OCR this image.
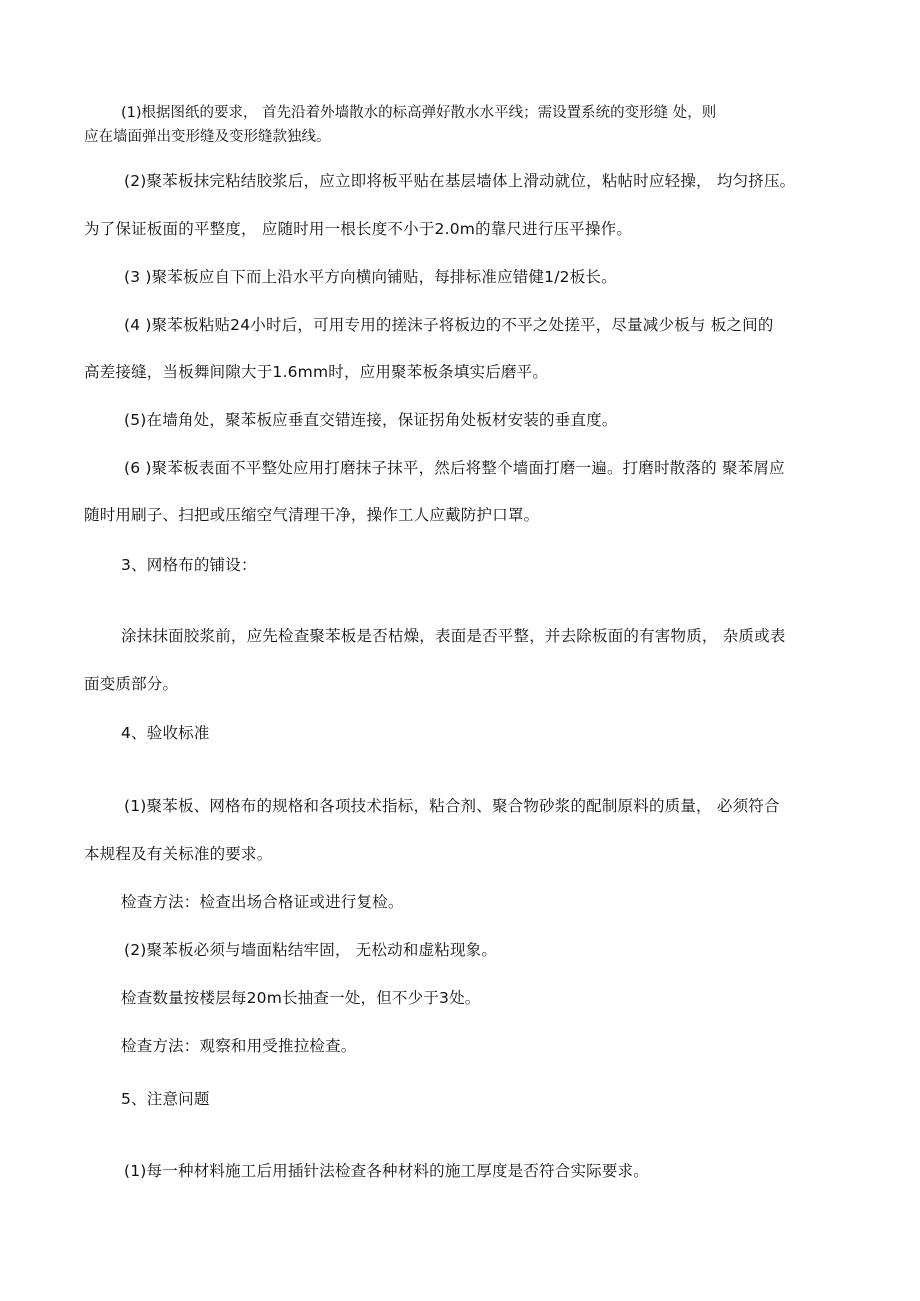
(1)根据图纸的要求， 首先沿着外墙散水的标高弹好散水水平线；需设置系统的变形缝 处，则
应在墙面弹出变形缝及变形缝款独线。
(2)聚苯板抹完粘结胶浆后，应立即将板平贴在基层墙体上滑动就位，粘帖时应轻操， 均匀挤压。
为了保证板面的平整度， 应随时用一根长度不小于2.0m的靠尺进行压平操作。
(3 )聚苯板应自下而上沿水平方向横向铺贴，每排标准应错健1/2板长。
(4 )聚苯板粘贴24小时后，可用专用的搓沫子将板边的不平之处搓平，尽量减少板与 板之间的
高差接缝，当板舞间隙大于1.6mm时，应用聚苯板条填实后磨平。
(5)在墙角处，聚苯板应垂直交错连接，保证拐角处板材安装的垂直度。
(6 )聚苯板表面不平整处应用打磨抹子抹平，然后将整个墙面打磨一遍。打磨时散落的 聚苯屑应
随时用刷子、扫把或压缩空气清理干净，操作工人应戴防护口罩。
3、网格布的铺设：
涂抹抹面胶浆前，应先检查聚苯板是否枯燥，表面是否平整，并去除板面的有害物质， 杂质或表
面变质部分。
4、验收标准
(1)聚苯板、网格布的规格和各项技术指标，粘合剂、聚合物砂浆的配制原料的质量， 必须符合
本规程及有关标准的要求。
检查方法：检查出场合格证或进行复检。
(2)聚苯板必须与墙面粘结牢固， 无松动和虚粘现象。
检查数量按楼层每20m长抽查一处，但不少于3处。
检查方法：观察和用受推拉检查。
5、注意问题
(1)每一种材料施工后用插针法检查各种材料的施工厚度是否符合实际要求。
